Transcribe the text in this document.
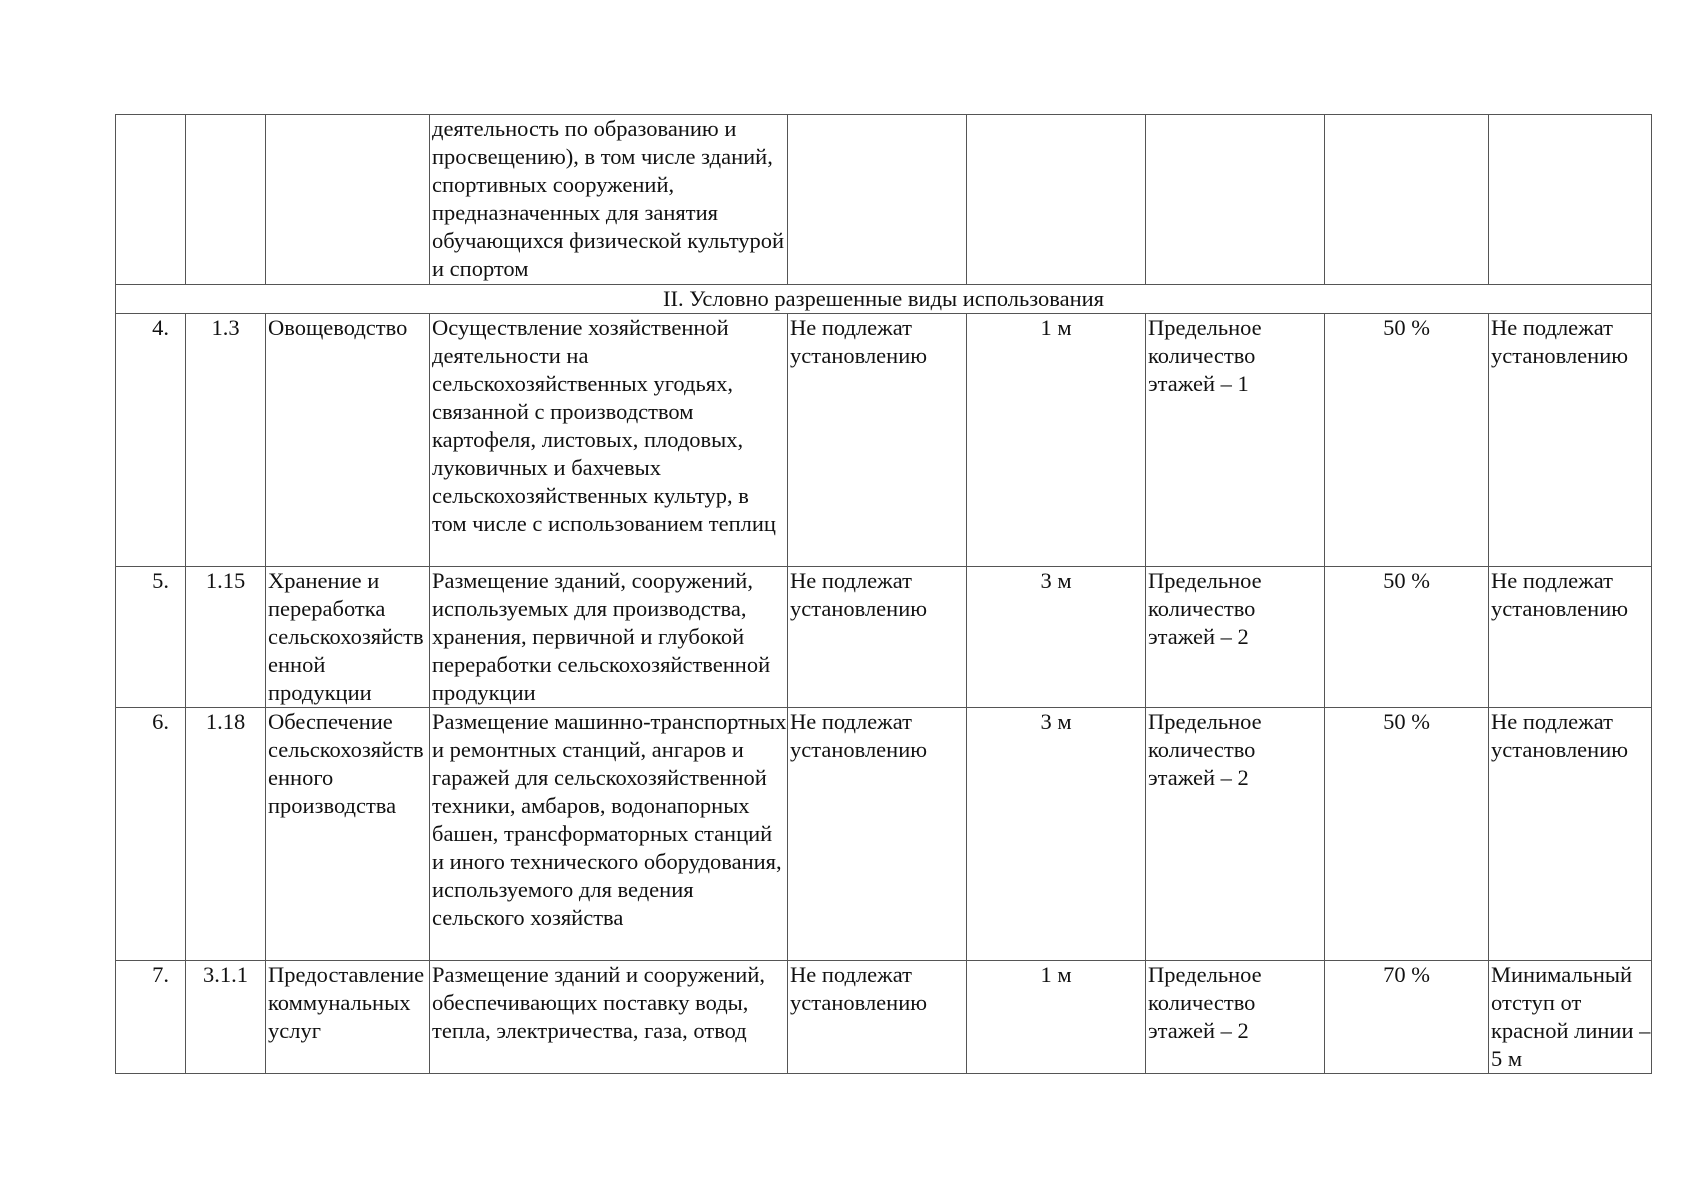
			деятельность по образованию и просвещению), в том числе зданий, спортивных сооружений, предназначенных для занятия обучающихся физической культурой и спортом					
II. Условно разрешенные виды использования								
4.	1.3	Овощеводство	Осуществление хозяйственной деятельности на сельскохозяйственных угодьях, связанной с производством картофеля, листовых, плодовых, луковичных и бахчевых сельскохозяйственных культур, в том числе с использованием теплиц	Не подлежат установлению	1 м	Предельное количество этажей – 1	50 %	Не подлежат установлению
5.	1.15	Хранение и переработка сельскохозяйственной продукции	Размещение зданий, сооружений, используемых для производства, хранения, первичной и глубокой переработки сельскохозяйственной продукции	Не подлежат установлению	3 м	Предельное количество этажей – 2	50 %	Не подлежат установлению
6.	1.18	Обеспечение сельскохозяйственного производства	Размещение машинно-транспортных и ремонтных станций, ангаров и гаражей для сельскохозяйственной техники, амбаров, водонапорных башен, трансформаторных станций и иного технического оборудования, используемого для ведения сельского хозяйства	Не подлежат установлению	3 м	Предельное количество этажей – 2	50 %	Не подлежат установлению
7.	3.1.1	Предоставление коммунальных услуг	Размещение зданий и сооружений, обеспечивающих поставку воды, тепла, электричества, газа, отвод	Не подлежат установлению	1 м	Предельное количество этажей – 2	70 %	Минимальный отступ от красной линии – 5 м
